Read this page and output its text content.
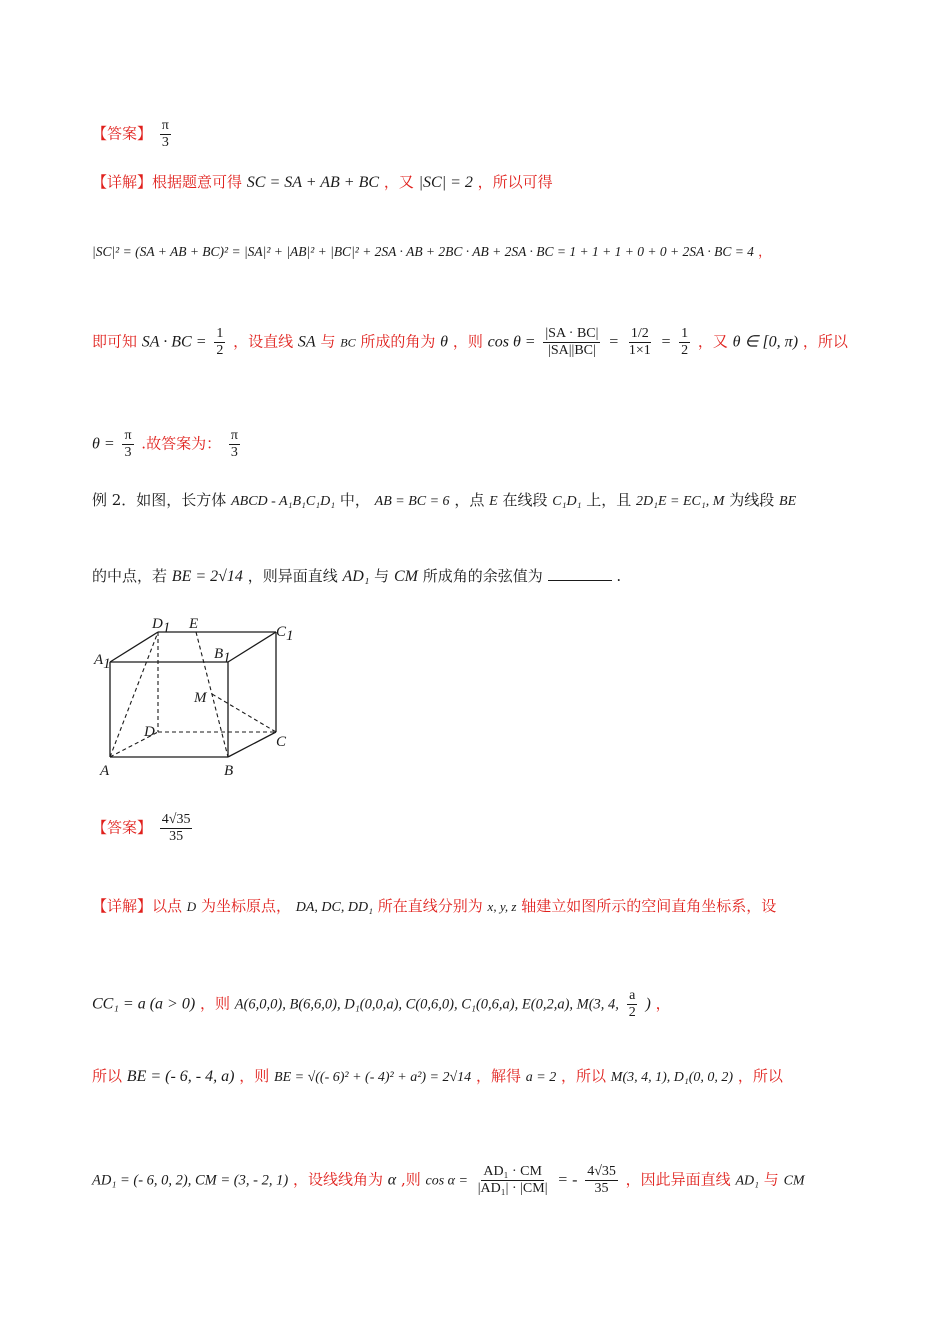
【答案】 $\frac{\pi}{3}$
【详解】根据题意可得 SC = SA + AB + BC ，又 |SC| = 2 ，所以可得
|SC|² = (SA + AB + BC)² = |SA|² + |AB|² + |BC|² + 2SA · AB + 2BC · AB + 2SA · BC = 1 + 1 + 1 + 0 + 0 + 2SA · BC = 4 ，
即可知 SA · BC = $\frac{1}{2}$ ，设直线 SA 与 BC 所成的角为 θ ，则 $\cos \theta = \frac{|SA \cdot BC|}{|SA||BC|} = \frac{1/2}{1\times 1} = \frac{1}{2}$ ，又 θ ∈ [0, π) ，所以
$\theta = \frac{\pi}{3}$ .故答案为： $\frac{\pi}{3}$
例 2．如图，长方体 ABCD - A₁B₁C₁D₁ 中， AB = BC = 6 ，点 E 在线段 C₁D₁ 上，且 2D₁E = EC₁, M 为线段 BE
的中点，若 BE = 2√14 ，则异面直线 AD₁ 与 CM 所成角的余弦值为	.
A1
D1 E	C1
B1
M
D
C
A	B
【答案】 $\frac{4√35}{35}$
【详解】以点 D 为坐标原点， DA, DC, DD₁ 所在直线分别为 x, y, z 轴建立如图所示的空间直角坐标系，设
CC₁ = a (a > 0) ，则 A(6,0,0), B(6,6,0), D₁(0,0,a), C(0,6,0), C₁(0,6,a), E(0,2,a), M(3, 4, $\frac{a}{2}$ ) ，
所以 BE = (- 6, - 4, a) ，则 BE = √((- 6)² + (- 4)² + a²) = 2√14 ，解得 a = 2 ，所以 M(3, 4, 1), D₁(0, 0, 2) ，所以
AD₁ = (- 6, 0, 2), CM = (3, - 2, 1) ，设线线角为 α ,则 $\cos \alpha = \frac{\text{AD₁ · CM}}{\text{|AD₁| · |CM|}}$ = - $\frac{4√35}{35}$ ，因此异面直线 AD₁ 与 CM
